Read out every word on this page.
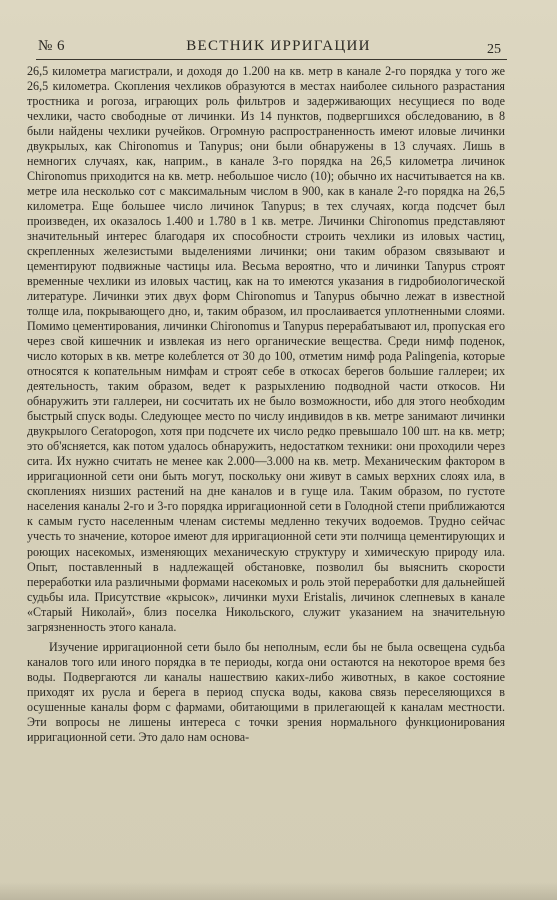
№ 6	ВЕСТНИК ИРРИГАЦИИ	25

26,5 километра магистрали, и доходя до 1.200 на кв. метр в канале 2-го порядка у того же 26,5 километра. Скопления чехликов образуются в местах наиболее сильного разрастания тростника и рогоза, играющих роль фильтров и задерживающих несущиеся по воде чехлики, часто свободные от личинки. Из 14 пунктов, подвергшихся обследованию, в 8 были найдены чехлики ручейков. Огромную распространенность имеют иловые личинки двукрылых, как Chironomus и Tanypus; они были обнаружены в 13 случаях. Лишь в немногих случаях, как, наприм., в канале 3-го порядка на 26,5 километра личинок Chironomus приходится на кв. метр. небольшое число (10); обычно их насчитывается на кв. метре ила несколько сот с максимальным числом в 900, как в канале 2-го порядка на 26,5 километра. Еще большее число личинок Tanypus; в тех случаях, когда подсчет был произведен, их оказалось 1.400 и 1.780 в 1 кв. метре. Личинки Chironomus представляют значительный интерес благодаря их способности строить чехлики из иловых частиц, скрепленных железистыми выделениями личинки; они таким образом связывают и цементируют подвижные частицы ила. Весьма вероятно, что и личинки Tanypus строят временные чехлики из иловых частиц, как на то имеются указания в гидробиологической литературе. Личинки этих двух форм Chironomus и Tanypus обычно лежат в известной толще ила, покрывающего дно, и, таким образом, ил прослаивается уплотненными слоями. Помимо цементирования, личинки Chironomus и Tanypus перерабатывают ил, пропуская его через свой кишечник и извлекая из него органические вещества. Среди нимф поденок, число которых в кв. метре колеблется от 30 до 100, отметим нимф рода Palingenia, которые относятся к копательным нимфам и строят себе в откосах берегов большие галлереи; их деятельность, таким образом, ведет к разрыхлению подводной части откосов. Ни обнаружить эти галлереи, ни сосчитать их не было возможности, ибо для этого необходим быстрый спуск воды. Следующее место по числу индивидов в кв. метре занимают личинки двукрылого Ceratopogon, хотя при подсчете их число редко превышало 100 шт. на кв. метр; это об'ясняется, как потом удалось обнаружить, недостатком техники: они проходили через сита. Их нужно считать не менее как 2.000—3.000 на кв. метр. Механическим фактором в ирригационной сети они быть могут, поскольку они живут в самых верхних слоях ила, в скоплениях низших растений на дне каналов и в гуще ила. Таким образом, по густоте населения каналы 2-го и 3-го порядка ирригационной сети в Голодной степи приближаются к самым густо населенным членам системы медленно текучих водоемов. Трудно сейчас учесть то значение, которое имеют для ирригационной сети эти полчища цементирующих и роющих насекомых, изменяющих механическую структуру и химическую природу ила. Опыт, поставленный в надлежащей обстановке, позволил бы выяснить скорости переработки ила различными формами насекомых и роль этой переработки для дальнейшей судьбы ила. Присутствие «крысок», личинки мухи Eristalis, личинок слепневых в канале «Старый Николай», близ поселка Никольского, служит указанием на значительную загрязненность этого канала.

Изучение ирригационной сети было бы неполным, если бы не была освещена судьба каналов того или иного порядка в те периоды, когда они остаются на некоторое время без воды. Подвергаются ли каналы нашествию каких-либо животных, в какое состояние приходят их русла и берега в период спуска воды, какова связь переселяющихся в осушенные каналы форм с фармами, обитающими в прилегающей к каналам местности. Эти вопросы не лишены интереса с точки зрения нормального функционирования ирригационной сети. Это дало нам основа-
